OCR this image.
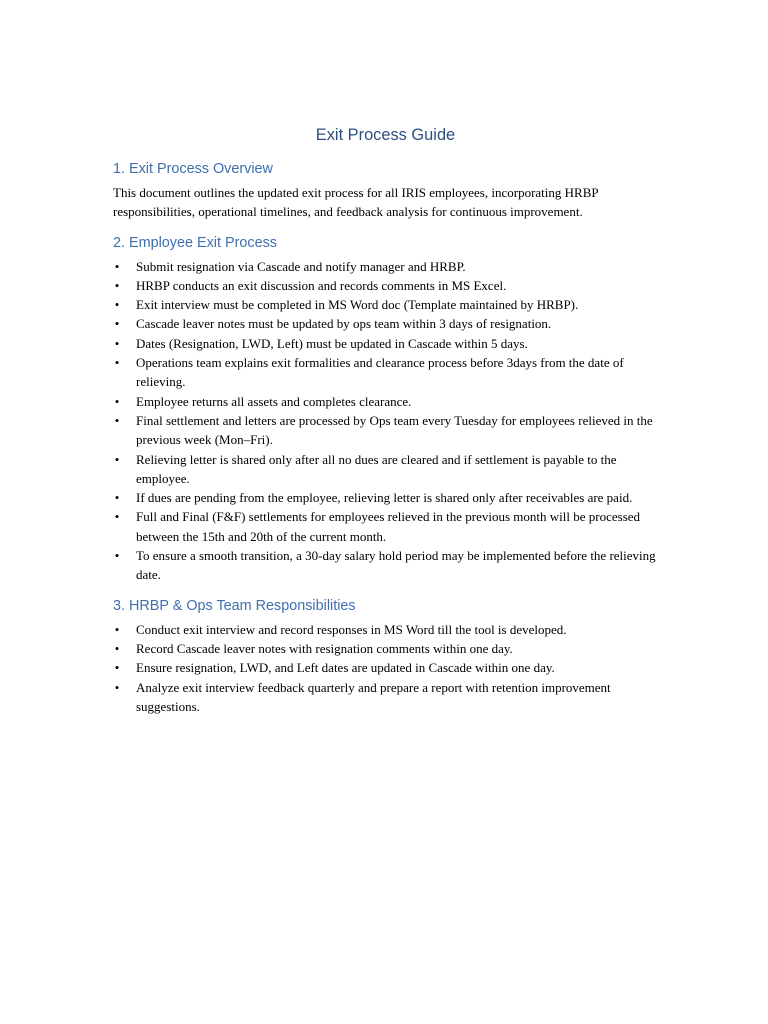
Exit Process Guide
1. Exit Process Overview

This document outlines the updated exit process for all IRIS employees, incorporating HRBP responsibilities, operational timelines, and feedback analysis for continuous improvement.

2. Employee Exit Process
• Submit resignation via Cascade and notify manager and HRBP.
• HRBP conducts an exit discussion and records comments in MS Excel.
• Exit interview must be completed in MS Word doc (Template maintained by HRBP).
• Cascade leaver notes must be updated by ops team within 3 days of resignation.
• Dates (Resignation, LWD, Left) must be updated in Cascade within 5 days.
• Operations team explains exit formalities and clearance process before 3days from the date of relieving.
• Employee returns all assets and completes clearance.
• Final settlement and letters are processed by Ops team every Tuesday for employees relieved in the previous week (Mon–Fri).
• Relieving letter is shared only after all no dues are cleared and if settlement is payable to the employee.
• If dues are pending from the employee, relieving letter is shared only after receivables are paid.
• Full and Final (F&F) settlements for employees relieved in the previous month will be processed between the 15th and 20th of the current month.
• To ensure a smooth transition, a 30-day salary hold period may be implemented before the relieving date.
3. HRBP & Ops Team Responsibilities
• Conduct exit interview and record responses in MS Word till the tool is developed.
• Record Cascade leaver notes with resignation comments within one day.
• Ensure resignation, LWD, and Left dates are updated in Cascade within one day.
• Analyze exit interview feedback quarterly and prepare a report with retention improvement suggestions.
